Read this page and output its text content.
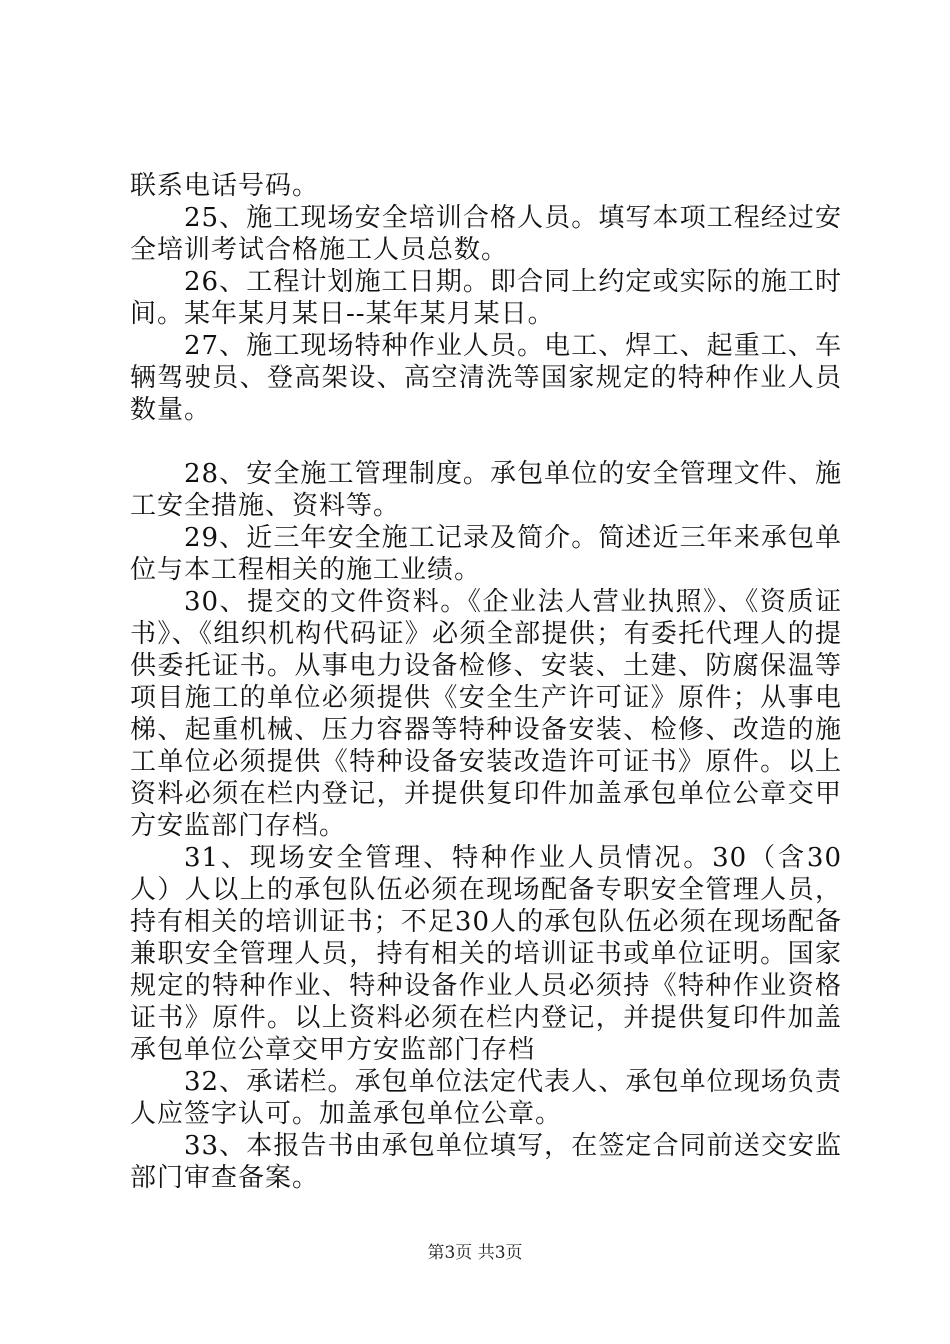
联系电话号码。

25、施工现场安全培训合格人员。填写本项工程经过安全培训考试合格施工人员总数。

26、工程计划施工日期。即合同上约定或实际的施工时间。某年某月某日--某年某月某日。

27、施工现场特种作业人员。电工、焊工、起重工、车辆驾驶员、登高架设、高空清洗等国家规定的特种作业人员数量。

28、安全施工管理制度。承包单位的安全管理文件、施工安全措施、资料等。

29、近三年安全施工记录及简介。简述近三年来承包单位与本工程相关的施工业绩。

30、提交的文件资料。《企业法人营业执照》、《资质证书》、《组织机构代码证》必须全部提供；有委托代理人的提供委托证书。从事电力设备检修、安装、土建、防腐保温等项目施工的单位必须提供《安全生产许可证》原件；从事电梯、起重机械、压力容器等特种设备安装、检修、改造的施工单位必须提供《特种设备安装改造许可证书》原件。以上资料必须在栏内登记，并提供复印件加盖承包单位公章交甲方安监部门存档。

31、现场安全管理、特种作业人员情况。30（含30人）人以上的承包队伍必须在现场配备专职安全管理人员，持有相关的培训证书；不足30人的承包队伍必须在现场配备兼职安全管理人员，持有相关的培训证书或单位证明。国家规定的特种作业、特种设备作业人员必须持《特种作业资格证书》原件。以上资料必须在栏内登记，并提供复印件加盖承包单位公章交甲方安监部门存档

32、承诺栏。承包单位法定代表人、承包单位现场负责人应签字认可。加盖承包单位公章。

33、本报告书由承包单位填写，在签定合同前送交安监部门审查备案。

第3页 共3页
